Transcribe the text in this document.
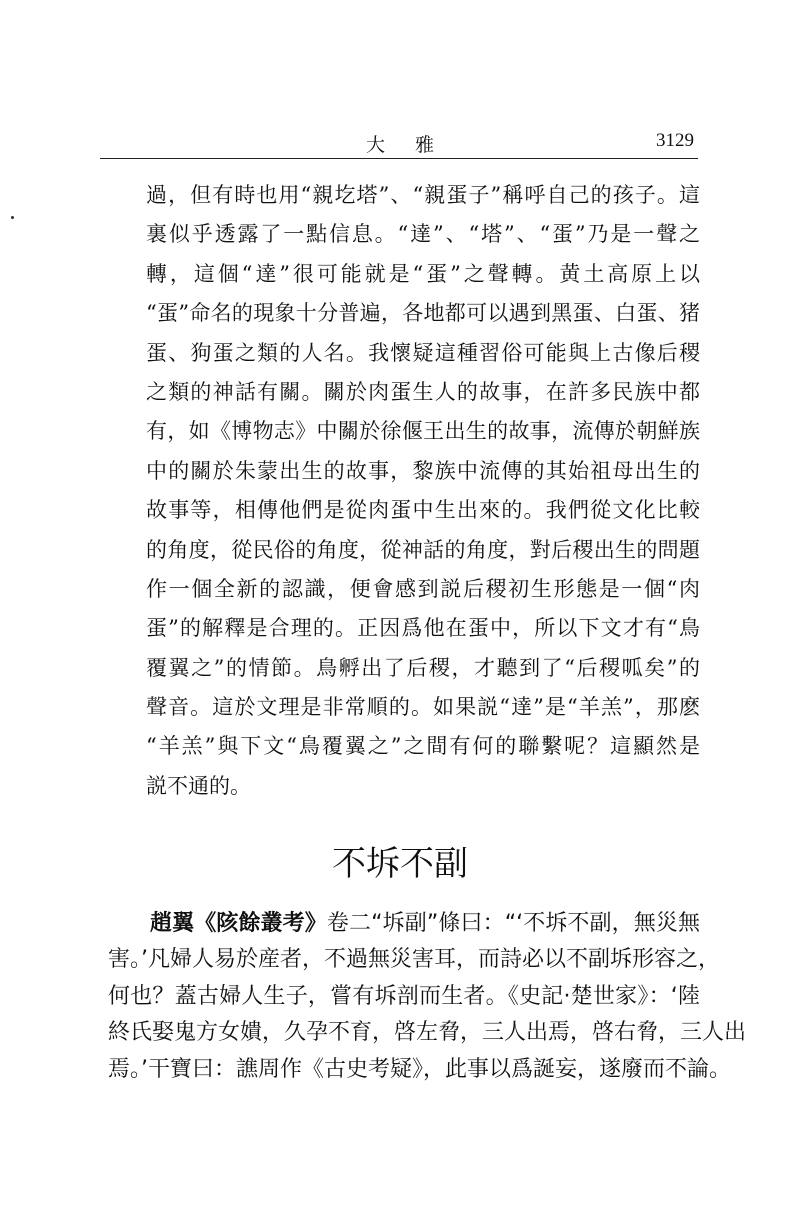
大雅	3129
過，但有時也用“親圪塔”、“親蛋子”稱呼自己的孩子。這
裏似乎透露了一點信息。“達”、“塔”、“蛋”乃是一聲之
轉，這個“達”很可能就是“蛋”之聲轉。黄土高原上以
“蛋”命名的現象十分普遍，各地都可以遇到黑蛋、白蛋、猪
蛋、狗蛋之類的人名。我懷疑這種習俗可能與上古像后稷
之類的神話有關。關於肉蛋生人的故事，在許多民族中都
有，如《博物志》中關於徐偃王出生的故事，流傳於朝鮮族
中的關於朱蒙出生的故事，黎族中流傳的其始祖母出生的
故事等，相傳他們是從肉蛋中生出來的。我們從文化比較
的角度，從民俗的角度，從神話的角度，對后稷出生的問題
作一個全新的認識，便會感到説后稷初生形態是一個“肉
蛋”的解釋是合理的。正因爲他在蛋中，所以下文才有“鳥
覆翼之”的情節。鳥孵出了后稷，才聽到了“后稷呱矣”的
聲音。這於文理是非常順的。如果説“達”是“羊羔”，那麽
“羊羔”與下文“鳥覆翼之”之間有何的聯繫呢？這顯然是
説不通的。
不坼不副
趙翼《陔餘叢考》卷二“坼副”條曰：“‘不坼不副，無災無
害。’凡婦人易於産者，不過無災害耳，而詩必以不副坼形容之，
何也？蓋古婦人生子，嘗有坼剖而生者。《史記·楚世家》：‘陸
終氏娶鬼方女嬇，久孕不育，啓左脅，三人出焉，啓右脅，三人出
焉。’干寶曰：譙周作《古史考疑》，此事以爲誕妄，遂廢而不論。
